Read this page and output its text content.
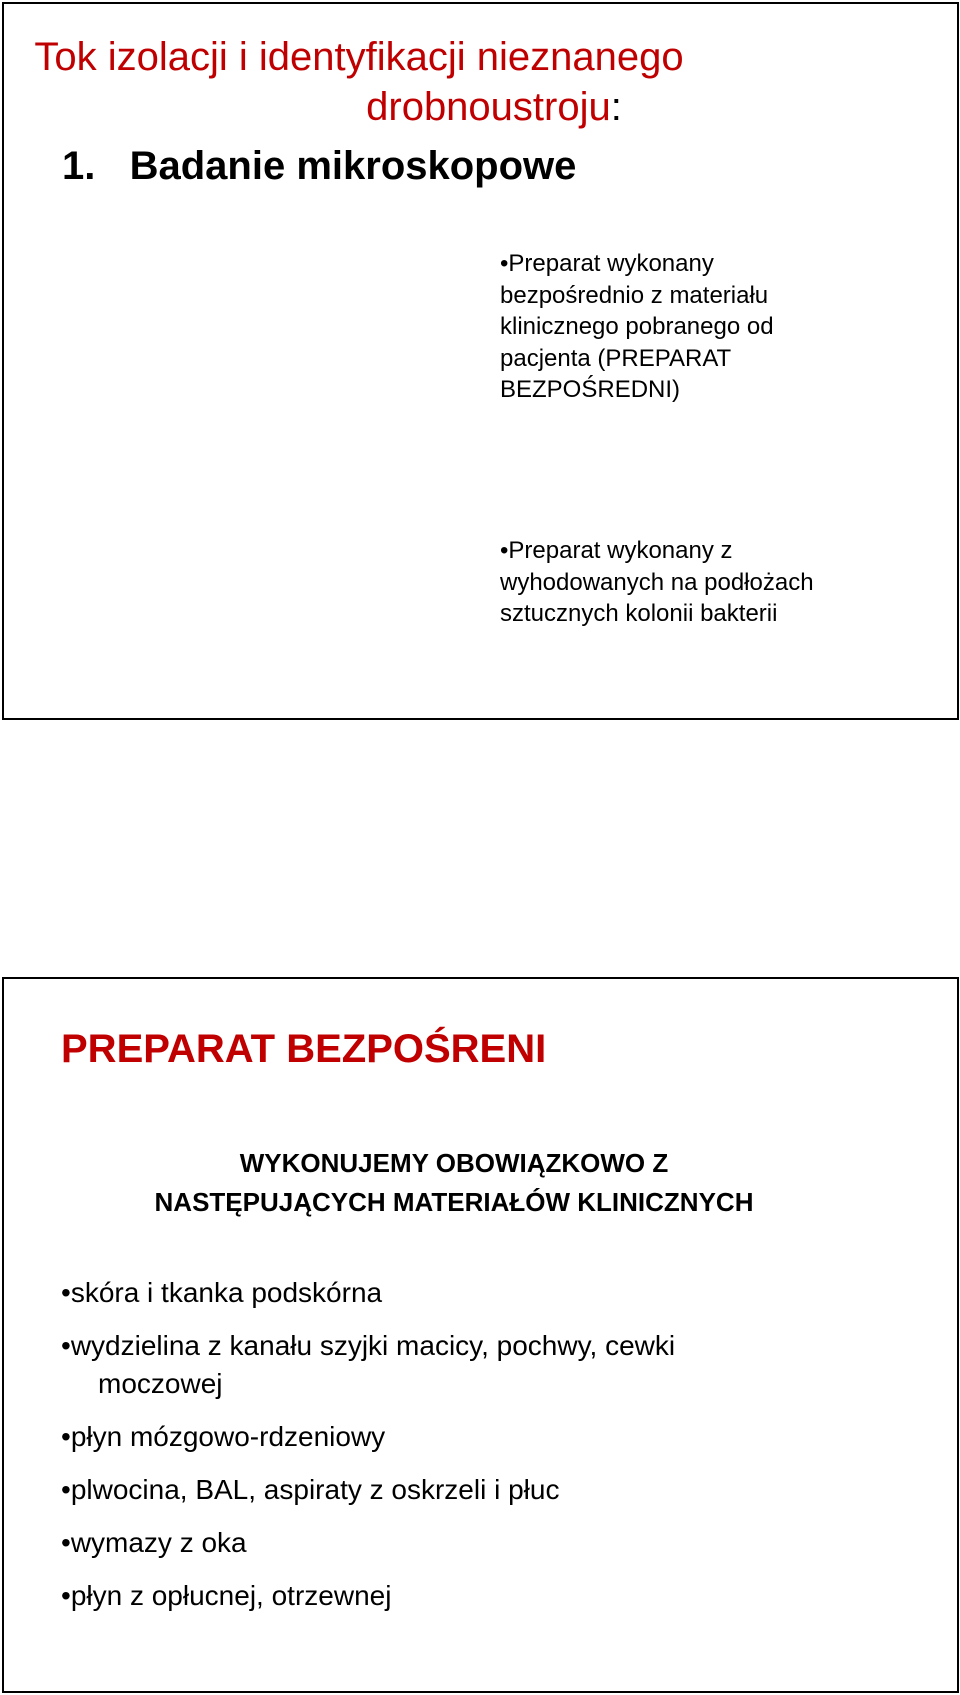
Tok izolacji i identyfikacji nieznanego
drobnoustroju:
1. Badanie mikroskopowe
•Preparat wykonany
bezpośrednio z materiału
klinicznego pobranego od
pacjenta (PREPARAT
BEZPOŚREDNI)
•Preparat wykonany z
wyhodowanych na podłożach
sztucznych kolonii bakterii
PREPARAT BEZPOŚRENI
WYKONUJEMY OBOWIĄZKOWO Z
NASTĘPUJĄCYCH MATERIAŁÓW KLINICZNYCH
•skóra i tkanka podskórna
•wydzielina z kanału szyjki macicy, pochwy, cewki
moczowej
•płyn mózgowo-rdzeniowy
•plwocina, BAL, aspiraty z oskrzeli i płuc
•wymazy z oka
•płyn z opłucnej, otrzewnej
